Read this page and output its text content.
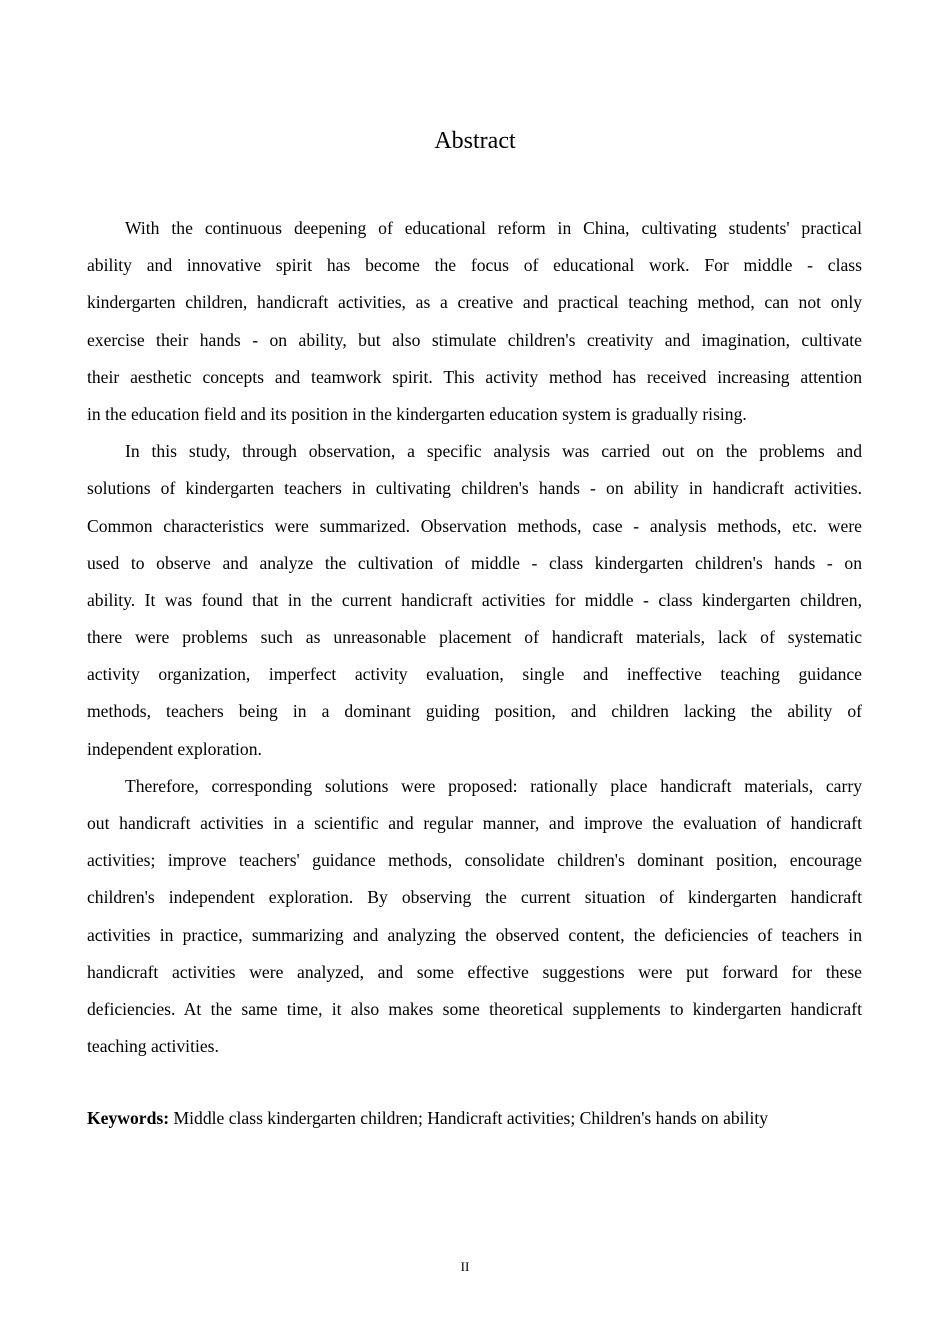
Abstract
With the continuous deepening of educational reform in China, cultivating students' practical
ability and innovative spirit has become the focus of educational work. For middle - class
kindergarten children, handicraft activities, as a creative and practical teaching method, can not only
exercise their hands - on ability, but also stimulate children's creativity and imagination, cultivate
their aesthetic concepts and teamwork spirit. This activity method has received increasing attention
in the education field and its position in the kindergarten education system is gradually rising.
In this study, through observation, a specific analysis was carried out on the problems and
solutions of kindergarten teachers in cultivating children's hands - on ability in handicraft activities.
Common characteristics were summarized. Observation methods, case - analysis methods, etc. were
used to observe and analyze the cultivation of middle - class kindergarten children's hands - on
ability. It was found that in the current handicraft activities for middle - class kindergarten children,
there were problems such as unreasonable placement of handicraft materials, lack of systematic
activity organization, imperfect activity evaluation, single and ineffective teaching guidance
methods, teachers being in a dominant guiding position, and children lacking the ability of
independent exploration.
Therefore, corresponding solutions were proposed: rationally place handicraft materials, carry
out handicraft activities in a scientific and regular manner, and improve the evaluation of handicraft
activities; improve teachers' guidance methods, consolidate children's dominant position, encourage
children's independent exploration. By observing the current situation of kindergarten handicraft
activities in practice, summarizing and analyzing the observed content, the deficiencies of teachers in
handicraft activities were analyzed, and some effective suggestions were put forward for these
deficiencies. At the same time, it also makes some theoretical supplements to kindergarten handicraft
teaching activities.
Keywords: Middle class kindergarten children; Handicraft activities; Children's hands on ability
II
